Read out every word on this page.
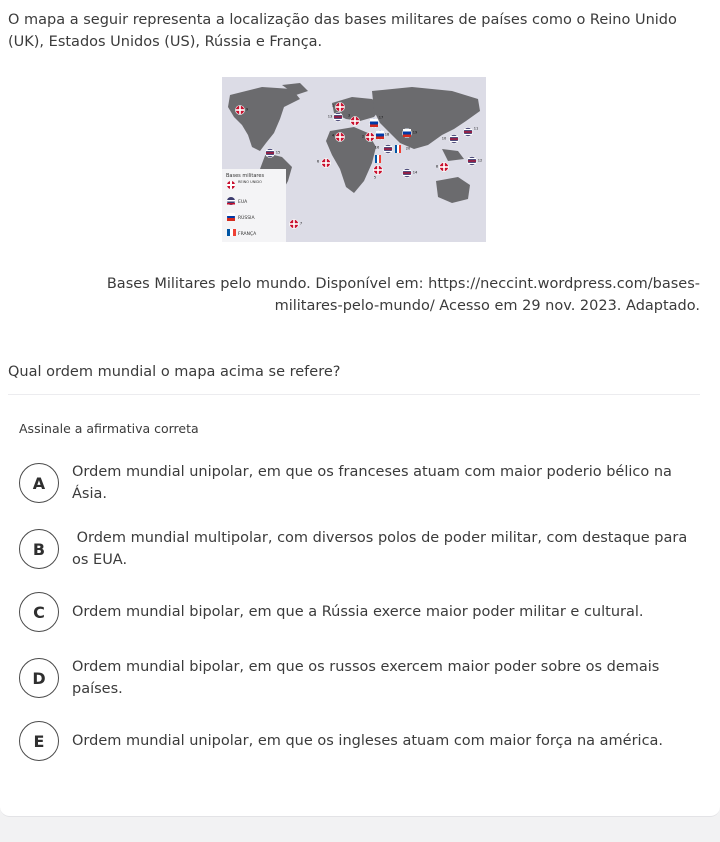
O mapa a seguir representa a localização das bases militares de países como o Reino Unido (UK), Estados Unidos (US), Rússia e França.

Bases militares
REINO UNIDO
EUA
RÚSSIA
FRANÇA
9
1
13	3	17
4	2	18	19
11
10
16	20
15
6
5
14
8
12
7

Bases Militares pelo mundo. Disponível em: https://neccint.wordpress.com/bases-
militares-pelo-mundo/ Acesso em 29 nov. 2023. Adaptado.

Qual ordem mundial o mapa acima se refere?

Assinale a afirmativa correta

A
Ordem mundial unipolar, em que os franceses atuam com maior poderio bélico na Ásia.
B
Ordem mundial multipolar, com diversos polos de poder militar, com destaque para os EUA.
C	Ordem mundial bipolar, em que a Rússia exerce maior poder militar e cultural.
D
Ordem mundial bipolar, em que os russos exercem maior poder sobre os demais países.
E	Ordem mundial unipolar, em que os ingleses atuam com maior força na américa.
